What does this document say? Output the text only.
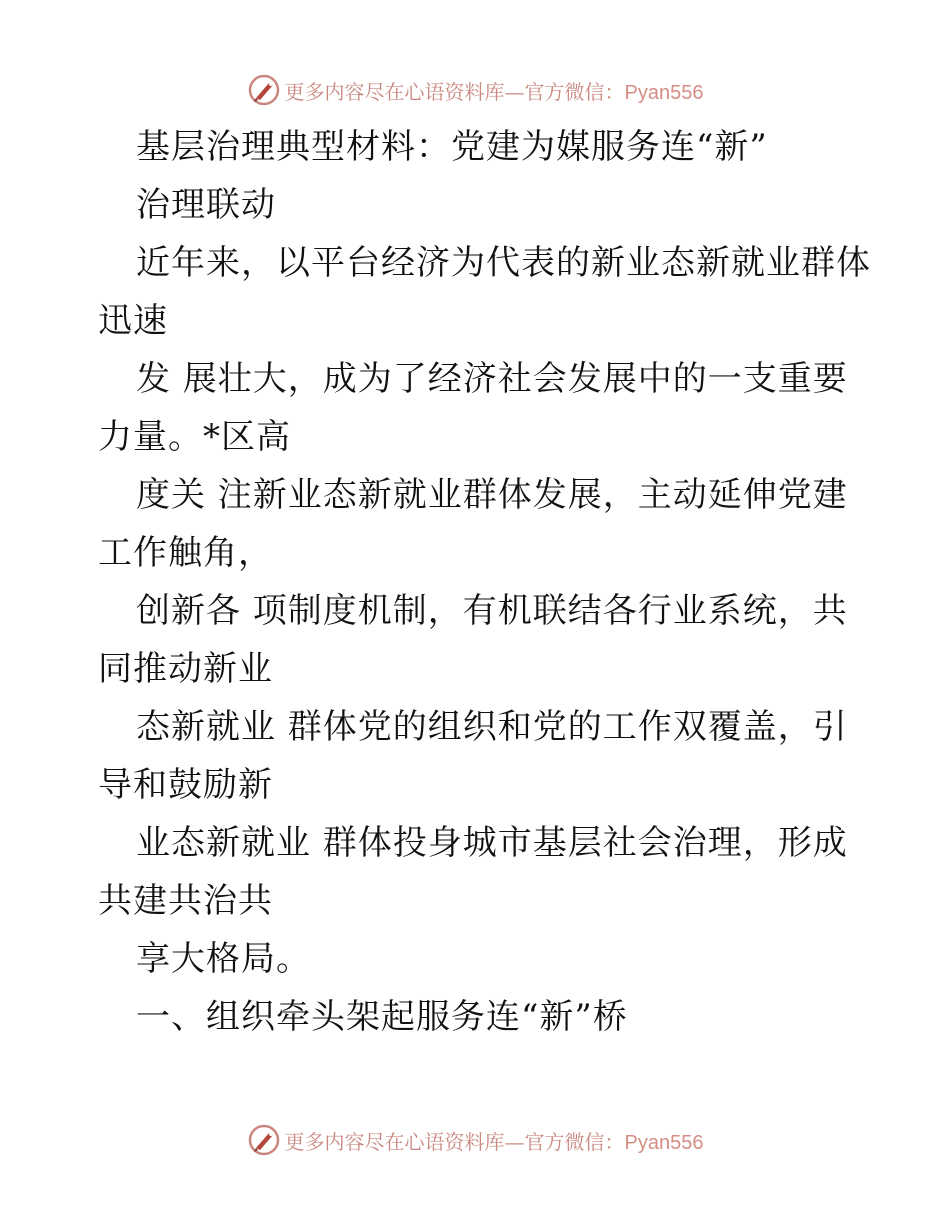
更多内容尽在心语资料库—官方微信：Pyan556
基层治理典型材料：党建为媒服务连“新”
治理联动
近年来，以平台经济为代表的新业态新就业群体
迅速
发 展壮大，成为了经济社会发展中的一支重要
力量。*区高
度关 注新业态新就业群体发展，主动延伸党建
工作触角，
创新各 项制度机制，有机联结各行业系统，共
同推动新业
态新就业 群体党的组织和党的工作双覆盖，引
导和鼓励新
业态新就业 群体投身城市基层社会治理，形成
共建共治共
享大格局。
一、组织牵头架起服务连“新”桥
更多内容尽在心语资料库—官方微信：Pyan556
